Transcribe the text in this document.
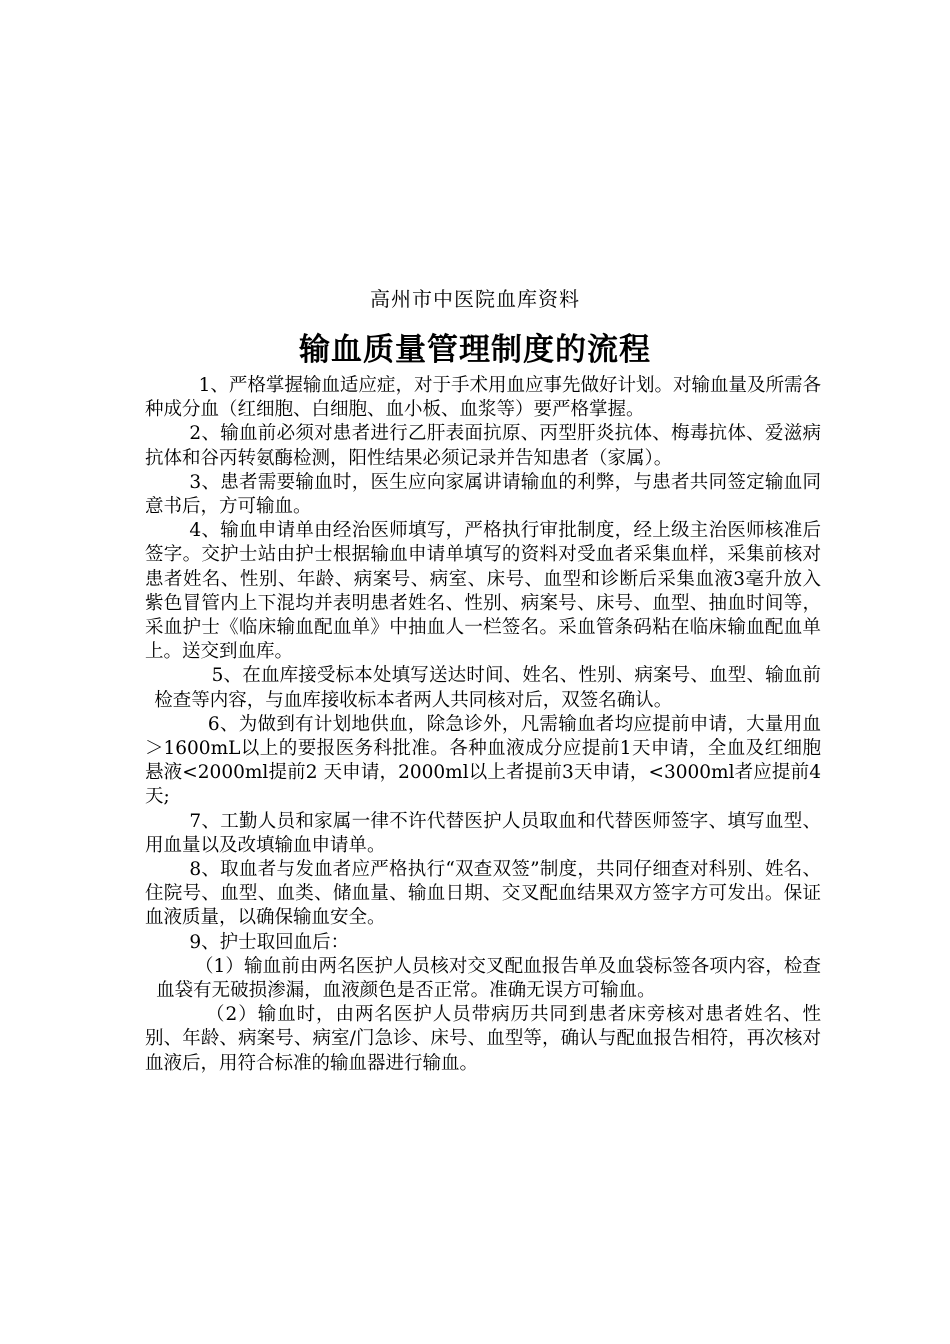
高州市中医院血库资料
输血质量管理制度的流程

1、严格掌握输血适应症，对于手术用血应事先做好计划。对输血量及所需各种成分血（红细胞、白细胞、血小板、血浆等）要严格掌握。

2、输血前必须对患者进行乙肝表面抗原、丙型肝炎抗体、梅毒抗体、爱滋病抗体和谷丙转氨酶检测，阳性结果必须记录并告知患者（家属）。

3、患者需要输血时，医生应向家属讲请输血的利弊，与患者共同签定输血同意书后，方可输血。

4、输血申请单由经治医师填写，严格执行审批制度，经上级主治医师核准后签字。交护士站由护士根据输血申请单填写的资料对受血者采集血样，采集前核对患者姓名、性别、年龄、病案号、病室、床号、血型和诊断后采集血液3毫升放入紫色冒管内上下混均并表明患者姓名、性别、病案号、床号、血型、抽血时间等，采血护士《临床输血配血单》中抽血人一栏签名。采血管条码粘在临床输血配血单上。送交到血库。

5、在血库接受标本处填写送达时间、姓名、性别、病案号、血型、输血前检查等内容，与血库接收标本者两人共同核对后，双签名确认。

6、为做到有计划地供血，除急诊外，凡需输血者均应提前申请，大量用血＞1600mL以上的要报医务科批准。各种血液成分应提前1天申请，全血及红细胞悬液<2000ml提前2 天申请，2000ml以上者提前3天申请，<3000ml者应提前4天;

7、工勤人员和家属一律不许代替医护人员取血和代替医师签字、填写血型、用血量以及改填输血申请单。

8、取血者与发血者应严格执行“双查双签”制度，共同仔细查对科别、姓名、住院号、血型、血类、储血量、输血日期、交叉配血结果双方签字方可发出。保证血液质量，以确保输血安全。

9、护士取回血后：

（1）输血前由两名医护人员核对交叉配血报告单及血袋标签各项内容，检查血袋有无破损渗漏，血液颜色是否正常。准确无误方可输血。

（2）输血时，由两名医护人员带病历共同到患者床旁核对患者姓名、性别、年龄、病案号、病室/门急诊、床号、血型等，确认与配血报告相符，再次核对血液后，用符合标准的输血器进行输血。
